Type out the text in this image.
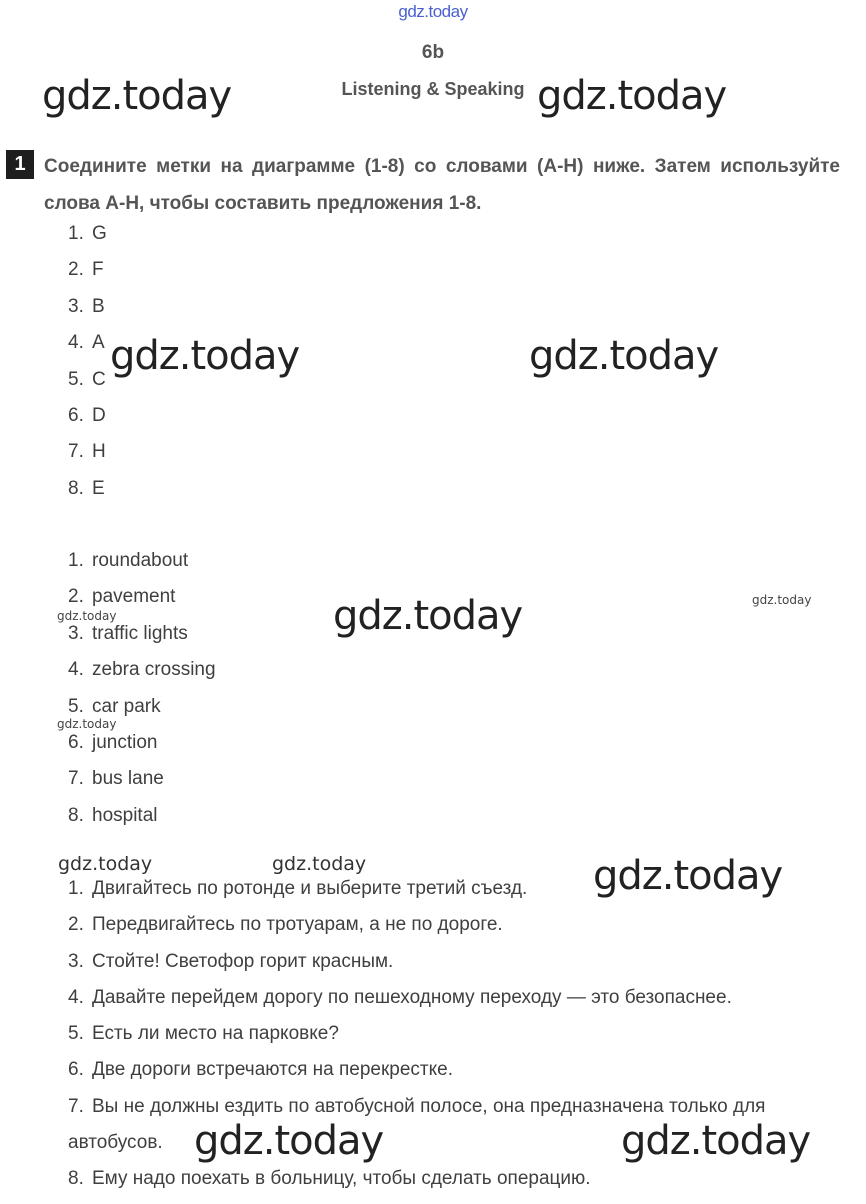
gdz.today
6b
Listening & Speaking
1 Соедините метки на диаграмме (1-8) со словами (A-H) ниже. Затем используйте слова A-H, чтобы составить предложения 1-8.
1. G
2. F
3. B
4. A
5. C
6. D
7. H
8. E
1. roundabout
2. pavement
3. traffic lights
4. zebra crossing
5. car park
6. junction
7. bus lane
8. hospital
1. Двигайтесь по ротонде и выберите третий съезд.
2. Передвигайтесь по тротуарам, а не по дороге.
3. Стойте! Светофор горит красным.
4. Давайте перейдем дорогу по пешеходному переходу — это безопаснее.
5. Есть ли место на парковке?
6. Две дороги встречаются на перекрестке.
7. Вы не должны ездить по автобусной полосе, она предназначена только для автобусов.
8. Ему надо поехать в больницу, чтобы сделать операцию.
gdz.today	gdz.today
gdz.today	gdz.today
gdz.today	gdz.today
gdz.today
gdz.today
gdz.today	gdz.today	gdz.today
gdz.today	gdz.today
